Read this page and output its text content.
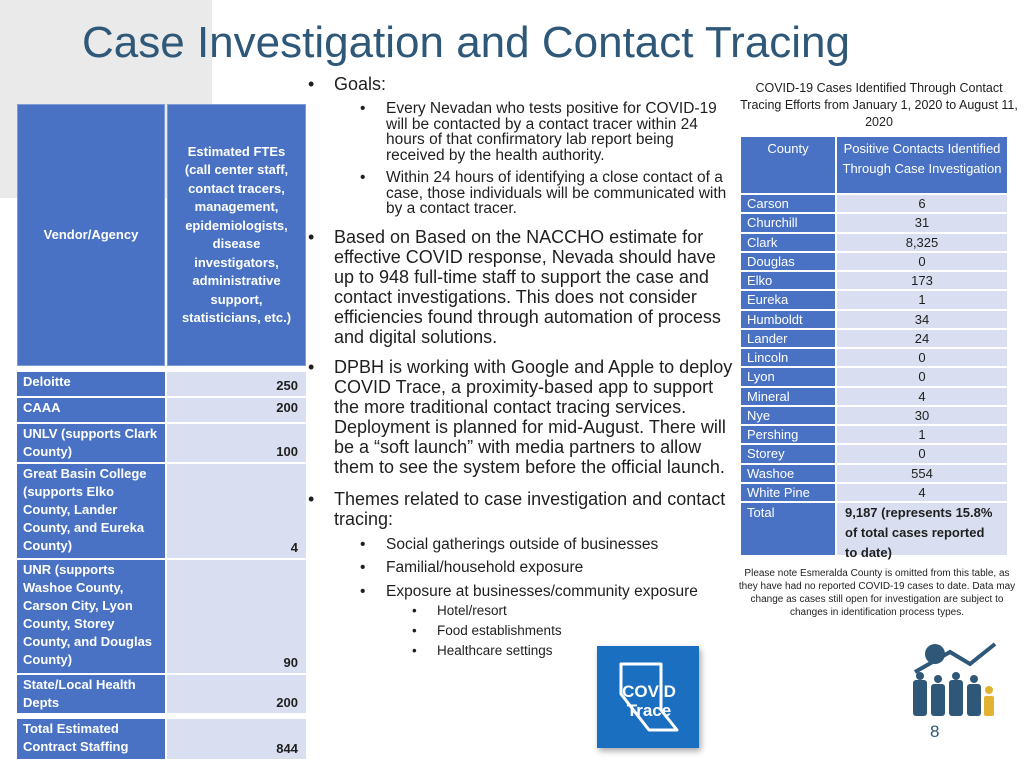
Case Investigation and Contact Tracing
Vendor/Agency
Estimated FTEs (call center staff, contact tracers, management, epidemiologists, disease investigators, administrative support, statisticians, etc.)
Deloitte	250
CAAA	200
UNLV (supports Clark County)	100
Great Basin College (supports Elko County, Lander County, and Eureka County)	4
UNR (supports Washoe County, Carson City, Lyon County, Storey County, and Douglas County)	90
State/Local Health Depts	200
Total Estimated Contract Staffing	844
• Goals:
• Every Nevadan who tests positive for COVID-19 will be contacted by a contact tracer within 24 hours of that confirmatory lab report being received by the health authority.
• Within 24 hours of identifying a close contact of a case, those individuals will be communicated with by a contact tracer.
• Based on Based on the NACCHO estimate for effective COVID response, Nevada should have up to 948 full-time staff to support the case and contact investigations. This does not consider efficiencies found through automation of process and digital solutions.
• DPBH is working with Google and Apple to deploy COVID Trace, a proximity-based app to support the more traditional contact tracing services. Deployment is planned for mid-August. There will be a “soft launch” with media partners to allow them to see the system before the official launch.
• Themes related to case investigation and contact tracing:
• Social gatherings outside of businesses
• Familial/household exposure
• Exposure at businesses/community exposure
• Hotel/resort
• Food establishments
• Healthcare settings
COVID-19 Cases Identified Through Contact Tracing Efforts from January 1, 2020 to August 11, 2020
County	Positive Contacts Identified Through Case Investigation
Carson	6
Churchill	31
Clark	8,325
Douglas	0
Elko	173
Eureka	1
Humboldt	34
Lander	24
Lincoln	0
Lyon	0
Mineral	4
Nye	30
Pershing	1
Storey	0
Washoe	554
White Pine	4
Total	9,187 (represents 15.8% of total cases reported to date)
Please note Esmeralda County is omitted from this table, as they have had no reported COVID-19 cases to date. Data may change as cases still open for investigation are subject to changes in identification process types.
COVID
Trace
8
